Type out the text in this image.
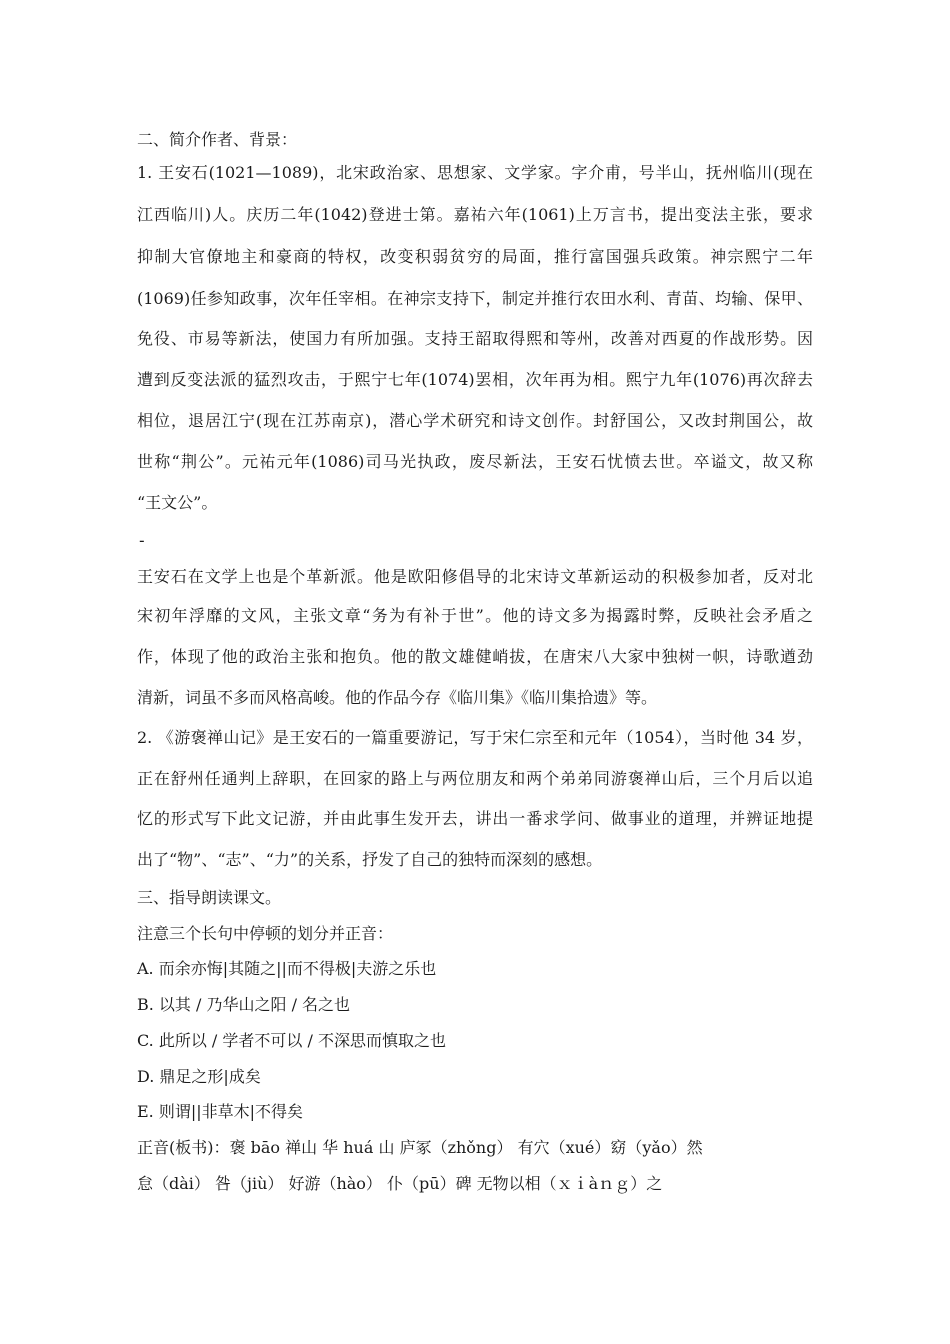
二、简介作者、背景：
1. 王安石(1021—1089)，北宋政治家、思想家、文学家。字介甫，号半山，抚州临川(现在
江西临川)人。庆历二年(1042)登进士第。嘉祐六年(1061)上万言书，提出变法主张，要求
抑制大官僚地主和豪商的特权，改变积弱贫穷的局面，推行富国强兵政策。神宗熙宁二年
(1069)任参知政事，次年任宰相。在神宗支持下，制定并推行农田水利、青苗、均输、保甲、
免役、市易等新法，使国力有所加强。支持王韶取得熙和等州，改善对西夏的作战形势。因
遭到反变法派的猛烈攻击，于熙宁七年(1074)罢相，次年再为相。熙宁九年(1076)再次辞去
相位，退居江宁(现在江苏南京)，潜心学术研究和诗文创作。封舒国公，又改封荆国公，故
世称“荆公”。元祐元年(1086)司马光执政，废尽新法，王安石忧愤去世。卒谥文，故又称
“王文公”。
-
王安石在文学上也是个革新派。他是欧阳修倡导的北宋诗文革新运动的积极参加者，反对北
宋初年浮靡的文风，主张文章“务为有补于世”。他的诗文多为揭露时弊，反映社会矛盾之
作，体现了他的政治主张和抱负。他的散文雄健峭拔，在唐宋八大家中独树一帜，诗歌遒劲
清新，词虽不多而风格高峻。他的作品今存《临川集》《临川集拾遗》等。
2. 《游褒禅山记》是王安石的一篇重要游记，写于宋仁宗至和元年（1054），当时他 34 岁，
正在舒州任通判上辞职，在回家的路上与两位朋友和两个弟弟同游褒禅山后，三个月后以追
忆的形式写下此文记游，并由此事生发开去，讲出一番求学问、做事业的道理，并辨证地提
出了“物”、“志”、“力”的关系，抒发了自己的独特而深刻的感想。
三、指导朗读课文。
注意三个长句中停顿的划分并正音：
A. 而余亦悔|其随之||而不得极|夫游之乐也
B. 以其 / 乃华山之阳 / 名之也
C. 此所以 / 学者不可以 / 不深思而慎取之也
D. 鼎足之形|成矣
E. 则谓||非草木|不得矣
正音(板书)：褒 bāo 禅山 华 huá 山 庐冢（zhǒng） 有穴（xué）窈（yǎo）然
怠（dài） 咎（jiù） 好游（hào） 仆（pū）碑 无物以相（ｘｉàｎｇ）之
